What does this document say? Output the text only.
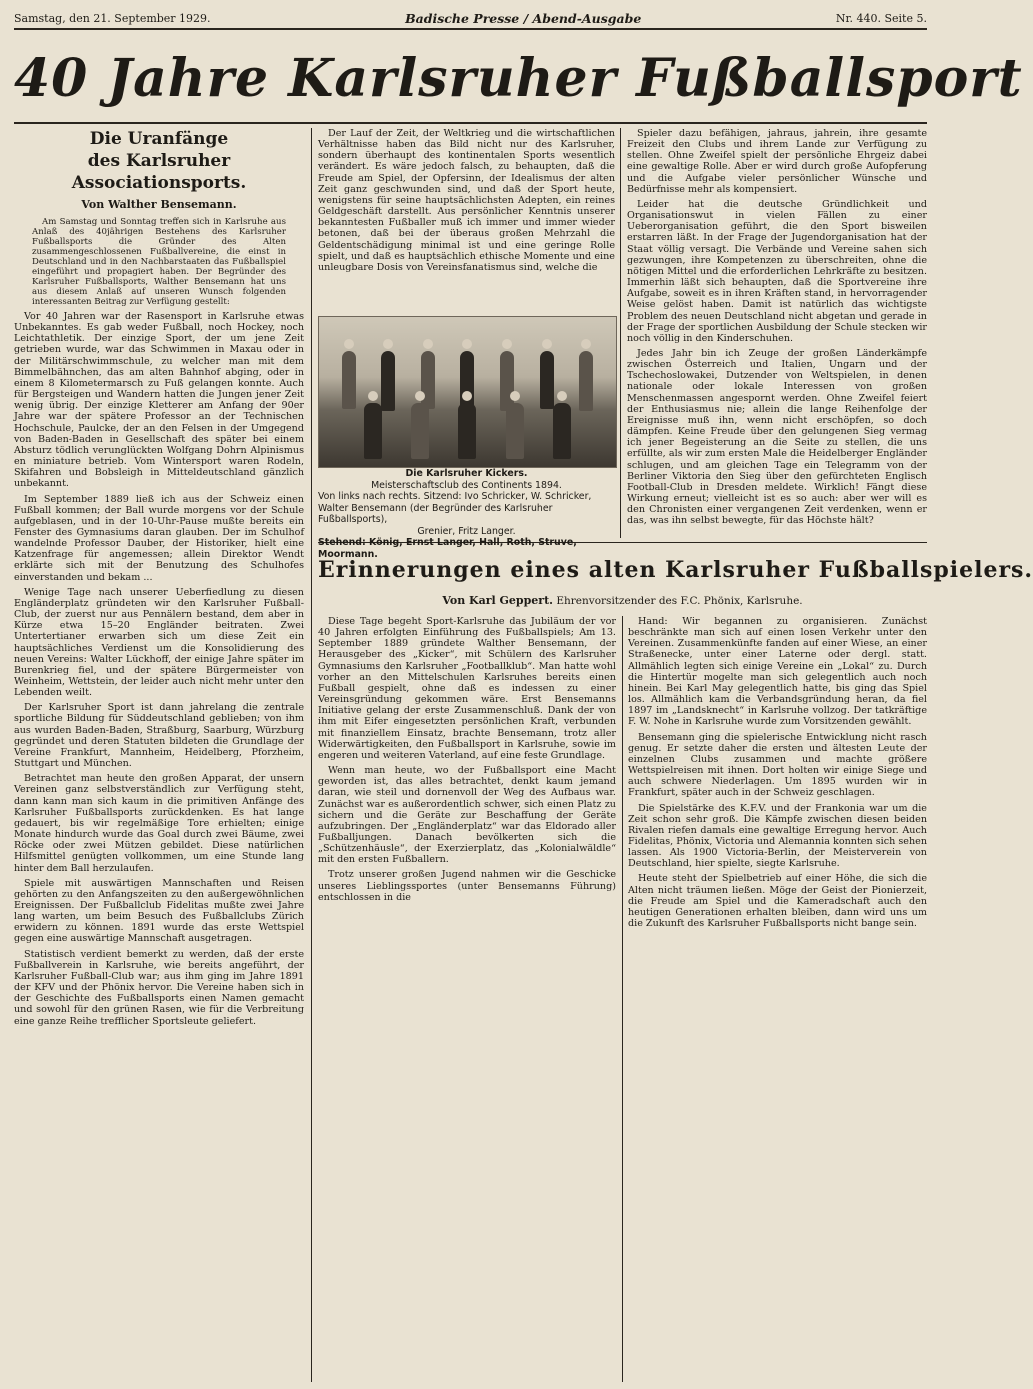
Samstag, den 21. September 1929.	Badische Presse / Abend-Ausgabe	Nr. 440. Seite 5.
40 Jahre Karlsruher Fußballsport
Die Uranfänge
des Karlsruher Associationsports.
Von Walther Bensemann.

Am Samstag und Sonntag treffen sich in Karlsruhe aus Anlaß des 40jährigen Bestehens des Karlsruher Fußballsports die Gründer des Alten zusammengeschlossenen Fußballvereine, die einst in Deutschland und in den Nachbarstaaten das Fußballspiel eingeführt und propagiert haben. Der Begründer des Karlsruher Fußballsports, Walther Bensemann hat uns aus diesem Anlaß auf unseren Wunsch folgenden interessanten Beitrag zur Verfügung gestellt:

Vor 40 Jahren war der Rasensport in Karlsruhe etwas Unbekanntes. Es gab weder Fußball, noch Hockey, noch Leichtathletik. Der einzige Sport, der um jene Zeit getrieben wurde, war das Schwimmen in Maxau oder in der Militärschwimmschule, zu welcher man mit dem Bimmelbähnchen, das am alten Bahnhof abging, oder in einem 8 Kilometermarsch zu Fuß gelangen konnte. Auch für Bergsteigen und Wandern hatten die Jungen jener Zeit wenig übrig. Der einzige Kletterer am Anfang der 90er Jahre war der spätere Professor an der Technischen Hochschule, Paulcke, der an den Felsen in der Umgegend von Baden-Baden in Gesellschaft des später bei einem Absturz tödlich verunglückten Wolfgang Dohrn Alpinismus en miniature betrieb. Vom Wintersport waren Rodeln, Skifahren und Bobsleigh in Mitteldeutschland gänzlich unbekannt.

Im September 1889 ließ ich aus der Schweiz einen Fußball kommen; der Ball wurde morgens vor der Schule aufgeblasen, und in der 10-Uhr-Pause mußte bereits ein Fenster des Gymnasiums daran glauben. Der im Schulhof wandelnde Professor Dauber, der Historiker, hielt eine Katzenfrage für angemessen; allein Direktor Wendt erklärte sich mit der Benutzung des Schulhofes einverstanden und bekam ...

Wenige Tage nach unserer Ueberfiedlung zu diesen Engländerplatz gründeten wir den Karlsruher Fußball-Club, der zuerst nur aus Pennälern bestand, dem aber in Kürze etwa 15–20 Engländer beitraten. Zwei Untertertianer erwarben sich um diese Zeit ein hauptsächliches Verdienst um die Konsolidierung des neuen Vereins: Walter Lückhoff, der einige Jahre später im Burenkrieg fiel, und der spätere Bürgermeister von Weinheim, Wettstein, der leider auch nicht mehr unter den Lebenden weilt.

Der Karlsruher Sport ist dann jahrelang die zentrale sportliche Bildung für Süddeutschland geblieben; von ihm aus wurden Baden-Baden, Straßburg, Saarburg, Würzburg gegründet und deren Statuten bildeten die Grundlage der Vereine Frankfurt, Mannheim, Heidelberg, Pforzheim, Stuttgart und München.

Betrachtet man heute den großen Apparat, der unsern Vereinen ganz selbstverständlich zur Verfügung steht, dann kann man sich kaum in die primitiven Anfänge des Karlsruher Fußballsports zurückdenken. Es hat lange gedauert, bis wir regelmäßige Tore erhielten; einige Monate hindurch wurde das Goal durch zwei Bäume, zwei Röcke oder zwei Mützen gebildet. Diese natürlichen Hilfsmittel genügten vollkommen, um eine Stunde lang hinter dem Ball herzulaufen.

Spiele mit auswärtigen Mannschaften und Reisen gehörten zu den Anfangszeiten zu den außergewöhnlichen Ereignissen. Der Fußballclub Fidelitas mußte zwei Jahre lang warten, um beim Besuch des Fußballclubs Zürich erwidern zu können. 1891 wurde das erste Wettspiel gegen eine auswärtige Mannschaft ausgetragen.

Statistisch verdient bemerkt zu werden, daß der erste Fußballverein in Karlsruhe, wie bereits angeführt, der Karlsruher Fußball-Club war; aus ihm ging im Jahre 1891 der KFV und der Phönix hervor. Die Vereine haben sich in der Geschichte des Fußballsports einen Namen gemacht und sowohl für den grünen Rasen, wie für die Verbreitung eine ganze Reihe trefflicher Sportsleute geliefert.

Der Lauf der Zeit, der Weltkrieg und die wirtschaftlichen Verhältnisse haben das Bild nicht nur des Karlsruher, sondern überhaupt des kontinentalen Sports wesentlich verändert. Es wäre jedoch falsch, zu behaupten, daß die Freude am Spiel, der Opfersinn, der Idealismus der alten Zeit ganz geschwunden sind, und daß der Sport heute, wenigstens für seine hauptsächlichsten Adepten, ein reines Geldgeschäft darstellt. Aus persönlicher Kenntnis unserer bekanntesten Fußballer muß ich immer und immer wieder betonen, daß bei der überaus großen Mehrzahl die Geldentschädigung minimal ist und eine geringe Rolle spielt, und daß es hauptsächlich ethische Momente und eine unleugbare Dosis von Vereinsfanatismus sind, welche die

Die Karlsruher Kickers.
Meisterschaftsclub des Continents 1894.
Von links nach rechts. Sitzend: Ivo Schricker, W. Schricker,
Walter Bensemann (der Begründer des Karlsruher Fußballsports),
Grenier, Fritz Langer.
Stehend: König, Ernst Langer, Hall, Roth, Struve, Moormann.

Spieler dazu befähigen, jahraus, jahrein, ihre gesamte Freizeit den Clubs und ihrem Lande zur Verfügung zu stellen. Ohne Zweifel spielt der persönliche Ehrgeiz dabei eine gewaltige Rolle. Aber er wird durch große Aufopferung und die Aufgabe vieler persönlicher Wünsche und Bedürfnisse mehr als kompensiert.

Leider hat die deutsche Gründlichkeit und Organisationswut in vielen Fällen zu einer Ueberorganisation geführt, die den Sport bisweilen erstarren läßt. In der Frage der Jugendorganisation hat der Staat völlig versagt. Die Verbände und Vereine sahen sich gezwungen, ihre Kompetenzen zu überschreiten, ohne die nötigen Mittel und die erforderlichen Lehrkräfte zu besitzen. Immerhin läßt sich behaupten, daß die Sportvereine ihre Aufgabe, soweit es in ihren Kräften stand, in hervorragender Weise gelöst haben. Damit ist natürlich das wichtigste Problem des neuen Deutschland nicht abgetan und gerade in der Frage der sportlichen Ausbildung der Schule stecken wir noch völlig in den Kinderschuhen.

Jedes Jahr bin ich Zeuge der großen Länderkämpfe zwischen Österreich und Italien, Ungarn und der Tschechoslowakei, Dutzender von Weltspielen, in denen nationale oder lokale Interessen von großen Menschenmassen angespornt werden. Ohne Zweifel feiert der Enthusiasmus nie; allein die lange Reihenfolge der Ereignisse muß ihn, wenn nicht erschöpfen, so doch dämpfen. Keine Freude über den gelungenen Sieg vermag ich jener Begeisterung an die Seite zu stellen, die uns erfüllte, als wir zum ersten Male die Heidelberger Engländer schlugen, und am gleichen Tage ein Telegramm von der Berliner Viktoria den Sieg über den gefürchteten Englisch Football-Club in Dresden meldete. Wirklich! Fängt diese Wirkung erneut; vielleicht ist es so auch: aber wer will es den Chronisten einer vergangenen Zeit verdenken, wenn er das, was ihn selbst bewegte, für das Höchste hält?

Erinnerungen eines alten Karlsruher Fußballspielers.
Von Karl Geppert. Ehrenvorsitzender des F.C. Phönix, Karlsruhe.

Diese Tage begeht Sport-Karlsruhe das Jubiläum der vor 40 Jahren erfolgten Einführung des Fußballspiels; Am 13. September 1889 gründete Walther Bensemann, der Herausgeber des „Kicker“, mit Schülern des Karlsruher Gymnasiums den Karlsruher „Footballklub“. Man hatte wohl vorher an den Mittelschulen Karlsruhes bereits einen Fußball gespielt, ohne daß es indessen zu einer Vereinsgründung gekommen wäre. Erst Bensemanns Initiative gelang der erste Zusammenschluß. Dank der von ihm mit Eifer eingesetzten persönlichen Kraft, verbunden mit finanziellem Einsatz, brachte Bensemann, trotz aller Widerwärtigkeiten, den Fußballsport in Karlsruhe, sowie im engeren und weiteren Vaterland, auf eine feste Grundlage.

Wenn man heute, wo der Fußballsport eine Macht geworden ist, das alles betrachtet, denkt kaum jemand daran, wie steil und dornenvoll der Weg des Aufbaus war. Zunächst war es außerordentlich schwer, sich einen Platz zu sichern und die Geräte zur Beschaffung der Geräte aufzubringen. Der „Engländerplatz“ war das Eldorado aller Fußballjungen. Danach bevölkerten sich die „Schützenhäusle“, der Exerzierplatz, das „Kolonialwäldle“ mit den ersten Fußballern.

Trotz unserer großen Jugend nahmen wir die Geschicke unseres Lieblingssportes (unter Bensemanns Führung) entschlossen in die

Hand: Wir begannen zu organisieren. Zunächst beschränkte man sich auf einen losen Verkehr unter den Vereinen. Zusammenkünfte fanden auf einer Wiese, an einer Straßenecke, unter einer Laterne oder dergl. statt. Allmählich legten sich einige Vereine ein „Lokal“ zu. Durch die Hintertür mogelte man sich gelegentlich auch noch hinein. Bei Karl May gelegentlich hatte, bis ging das Spiel los. Allmählich kam die Verbandsgründung heran, da fiel 1897 im „Landsknecht“ in Karlsruhe vollzog. Der tatkräftige F. W. Nohe in Karlsruhe wurde zum Vorsitzenden gewählt.

Bensemann ging die spielerische Entwicklung nicht rasch genug. Er setzte daher die ersten und ältesten Leute der einzelnen Clubs zusammen und machte größere Wettspielreisen mit ihnen. Dort holten wir einige Siege und auch schwere Niederlagen. Um 1895 wurden wir in Frankfurt, später auch in der Schweiz geschlagen.

Die Spielstärke des K.F.V. und der Frankonia war um die Zeit schon sehr groß. Die Kämpfe zwischen diesen beiden Rivalen riefen damals eine gewaltige Erregung hervor. Auch Fidelitas, Phönix, Victoria und Alemannia konnten sich sehen lassen. Als 1900 Victoria-Berlin, der Meisterverein von Deutschland, hier spielte, siegte Karlsruhe.

Heute steht der Spielbetrieb auf einer Höhe, die sich die Alten nicht träumen ließen. Möge der Geist der Pionierzeit, die Freude am Spiel und die Kameradschaft auch den heutigen Generationen erhalten bleiben, dann wird uns um die Zukunft des Karlsruher Fußballsports nicht bange sein.
